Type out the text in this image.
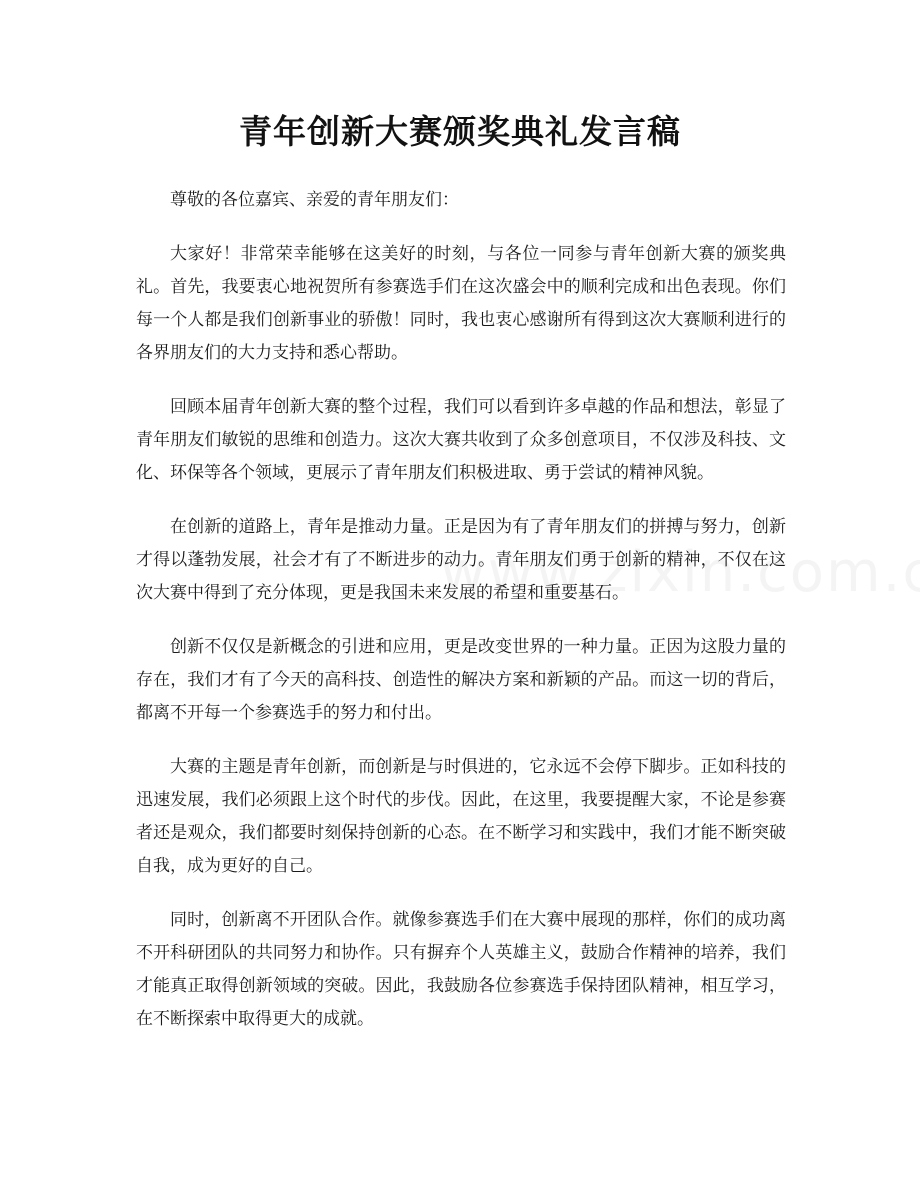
青年创新大赛颁奖典礼发言稿

尊敬的各位嘉宾、亲爱的青年朋友们：

大家好！非常荣幸能够在这美好的时刻，与各位一同参与青年创新大赛的颁奖典礼。首先，我要衷心地祝贺所有参赛选手们在这次盛会中的顺利完成和出色表现。你们每一个人都是我们创新事业的骄傲！同时，我也衷心感谢所有得到这次大赛顺利进行的各界朋友们的大力支持和悉心帮助。

回顾本届青年创新大赛的整个过程，我们可以看到许多卓越的作品和想法，彰显了青年朋友们敏锐的思维和创造力。这次大赛共收到了众多创意项目，不仅涉及科技、文化、环保等各个领域，更展示了青年朋友们积极进取、勇于尝试的精神风貌。

在创新的道路上，青年是推动力量。正是因为有了青年朋友们的拼搏与努力，创新才得以蓬勃发展，社会才有了不断进步的动力。青年朋友们勇于创新的精神，不仅在这次大赛中得到了充分体现，更是我国未来发展的希望和重要基石。

创新不仅仅是新概念的引进和应用，更是改变世界的一种力量。正因为这股力量的存在，我们才有了今天的高科技、创造性的解决方案和新颖的产品。而这一切的背后，都离不开每一个参赛选手的努力和付出。

大赛的主题是青年创新，而创新是与时俱进的，它永远不会停下脚步。正如科技的迅速发展，我们必须跟上这个时代的步伐。因此，在这里，我要提醒大家，不论是参赛者还是观众，我们都要时刻保持创新的心态。在不断学习和实践中，我们才能不断突破自我，成为更好的自己。

同时，创新离不开团队合作。就像参赛选手们在大赛中展现的那样，你们的成功离不开科研团队的共同努力和协作。只有摒弃个人英雄主义，鼓励合作精神的培养，我们才能真正取得创新领域的突破。因此，我鼓励各位参赛选手保持团队精神，相互学习，在不断探索中取得更大的成就。
